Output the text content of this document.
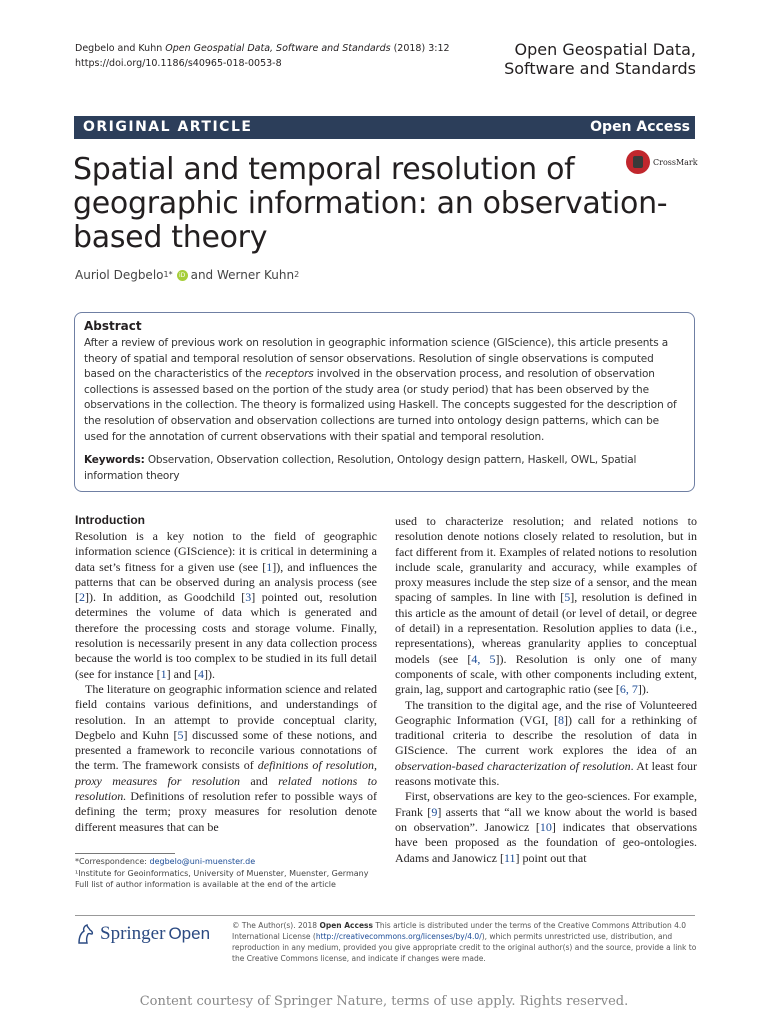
Degbelo and Kuhn Open Geospatial Data, Software and Standards (2018) 3:12
https://doi.org/10.1186/s40965-018-0053-8
Open Geospatial Data,
Software and Standards
ORIGINAL ARTICLE	Open Access
Spatial and temporal resolution of geographic information: an observation-based theory
CrossMark
Auriol Degbelo 1*	iD and Werner Kuhn 2
Abstract

After a review of previous work on resolution in geographic information science (GIScience), this article presents a theory of spatial and temporal resolution of sensor observations. Resolution of single observations is computed based on the characteristics of the receptors involved in the observation process, and resolution of observation collections is assessed based on the portion of the study area (or study period) that has been observed by the observations in the collection. The theory is formalized using Haskell. The concepts suggested for the description of the resolution of observation and observation collections are turned into ontology design patterns, which can be used for the annotation of current observations with their spatial and temporal resolution.

Keywords: Observation, Observation collection, Resolution, Ontology design pattern, Haskell, OWL, Spatial information theory

Introduction

Resolution is a key notion to the field of geographic information science (GIScience): it is critical in determining a data set’s fitness for a given use (see [1]), and influences the patterns that can be observed during an analysis process (see [2]). In addition, as Goodchild [3] pointed out, resolution determines the volume of data which is generated and therefore the processing costs and storage volume. Finally, resolution is necessarily present in any data collection process because the world is too complex to be studied in its full detail (see for instance [1] and [4]).

The literature on geographic information science and related field contains various definitions, and understandings of resolution. In an attempt to provide conceptual clarity, Degbelo and Kuhn [5] discussed some of these notions, and presented a framework to reconcile various connotations of the term. The framework consists of definitions of resolution, proxy measures for resolution and related notions to resolution. Definitions of resolution refer to possible ways of defining the term; proxy measures for resolution denote different measures that can be

used to characterize resolution; and related notions to resolution denote notions closely related to resolution, but in fact different from it. Examples of related notions to resolution include scale, granularity and accuracy, while examples of proxy measures include the step size of a sensor, and the mean spacing of samples. In line with [5], resolution is defined in this article as the amount of detail (or level of detail, or degree of detail) in a representation. Resolution applies to data (i.e., representations), whereas granularity applies to conceptual models (see [4, 5]). Resolution is only one of many components of scale, with other components including extent, grain, lag, support and cartographic ratio (see [6, 7]).

The transition to the digital age, and the rise of Volunteered Geographic Information (VGI, [8]) call for a rethinking of traditional criteria to describe the resolution of data in GIScience. The current work explores the idea of an observation-based characterization of resolution. At least four reasons motivate this.

First, observations are key to the geo-sciences. For example, Frank [9] asserts that “all we know about the world is based on observation”. Janowicz [10] indicates that observations have been proposed as the foundation of geo-ontologies. Adams and Janowicz [11] point out that

*Correspondence: degbelo@uni-muenster.de
¹Institute for Geoinformatics, University of Muenster, Muenster, Germany
Full list of author information is available at the end of the article
Springer Open	© The Author(s). 2018 Open Access This article is distributed under the terms of the Creative Commons Attribution 4.0 International License (http://creativecommons.org/licenses/by/4.0/), which permits unrestricted use, distribution, and reproduction in any medium, provided you give appropriate credit to the original author(s) and the source, provide a link to the Creative Commons license, and indicate if changes were made.
Content courtesy of Springer Nature, terms of use apply. Rights reserved.
